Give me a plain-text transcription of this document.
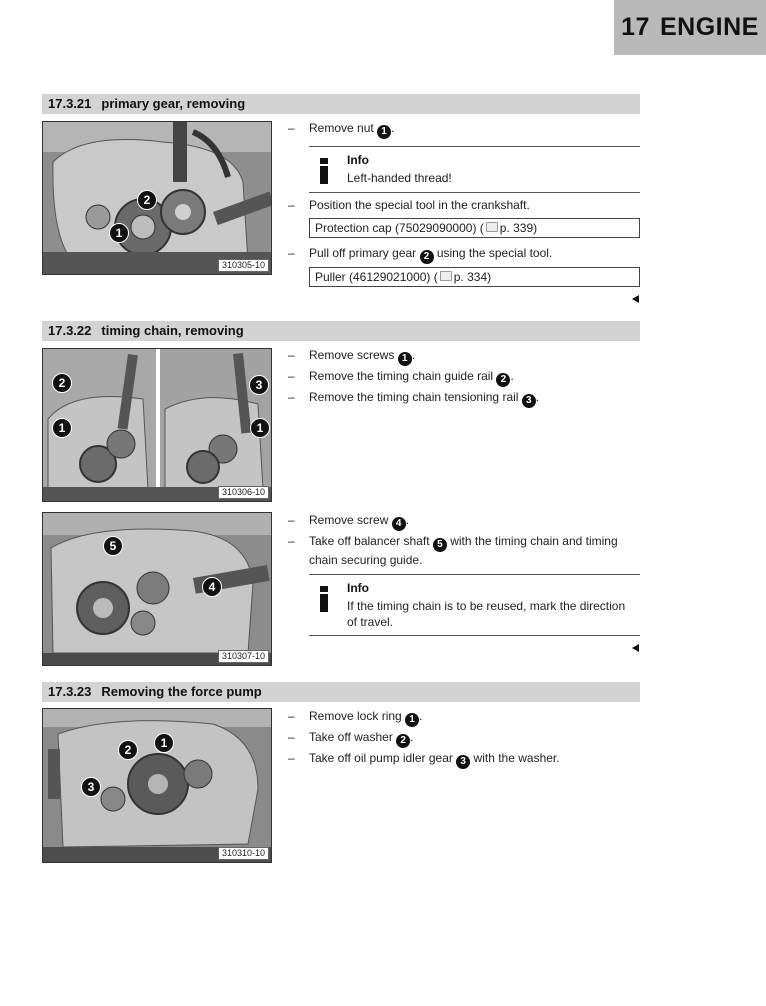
17 ENGINE
17.3.21 primary gear, removing
2
1
310305-10
– Remove nut 1 .
Info
Left-handed thread!
– Position the special tool in the crankshaft.
Protection cap (75029090000) ( p. 339)
– Pull off primary gear 2 using the special tool.
Puller (46129021000) ( p. 334)
17.3.22 timing chain, removing
2	3
1	1
310306-10
– Remove screws 1 .
– Remove the timing chain guide rail 2 .
– Remove the timing chain tensioning rail 3 .
5
4
310307-10
– Remove screw 4 .
– Take off balancer shaft 5 with the timing chain and timing chain securing guide.
Info
If the timing chain is to be reused, mark the direction of travel.
17.3.23 Removing the force pump
1
2
3
310310-10
– Remove lock ring 1 .
– Take off washer 2 .
– Take off oil pump idler gear 3 with the washer.
